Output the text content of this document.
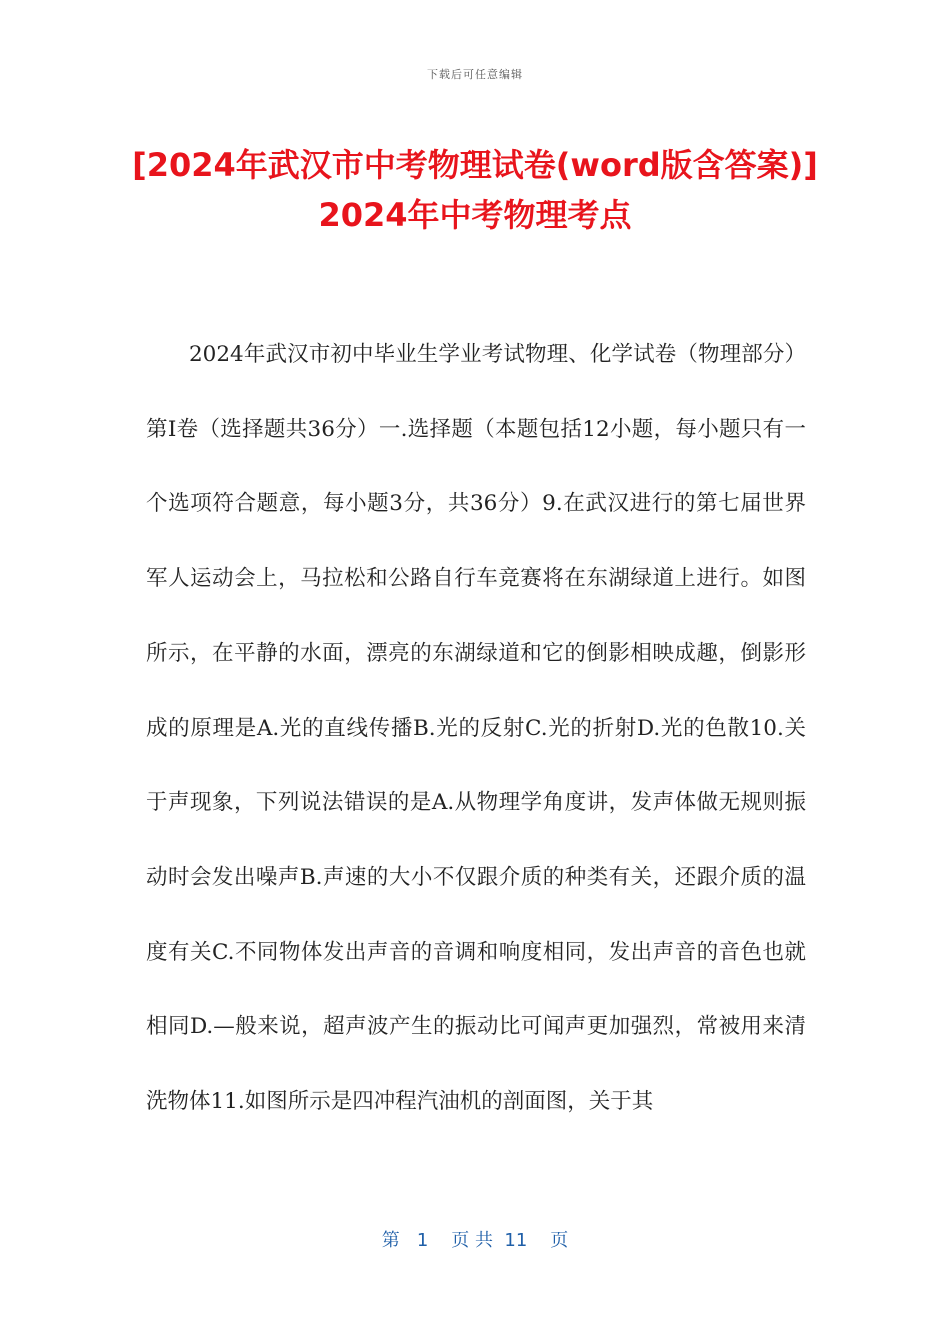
下载后可任意编辑
[2024年武汉市中考物理试卷(word版含答案)] 2024年中考物理考点

2024年武汉市初中毕业生学业考试物理、化学试卷（物理部分）第Ⅰ卷（选择题共36分）一.选择题（本题包括12小题，每小题只有一个选项符合题意，每小题3分，共36分）9.在武汉进行的第七届世界军人运动会上，马拉松和公路自行车竞赛将在东湖绿道上进行。如图所示，在平静的水面，漂亮的东湖绿道和它的倒影相映成趣，倒影形成的原理是A.光的直线传播B.光的反射C.光的折射D.光的色散10.关于声现象，下列说法错误的是A.从物理学角度讲，发声体做无规则振动时会发出噪声B.声速的大小不仅跟介质的种类有关，还跟介质的温度有关C.不同物体发出声音的音调和响度相同，发出声音的音色也就相同D.—般来说，超声波产生的振动比可闻声更加强烈，常被用来清洗物体11.如图所示是四冲程汽油机的剖面图，关于其

第   1    页 共  11    页
